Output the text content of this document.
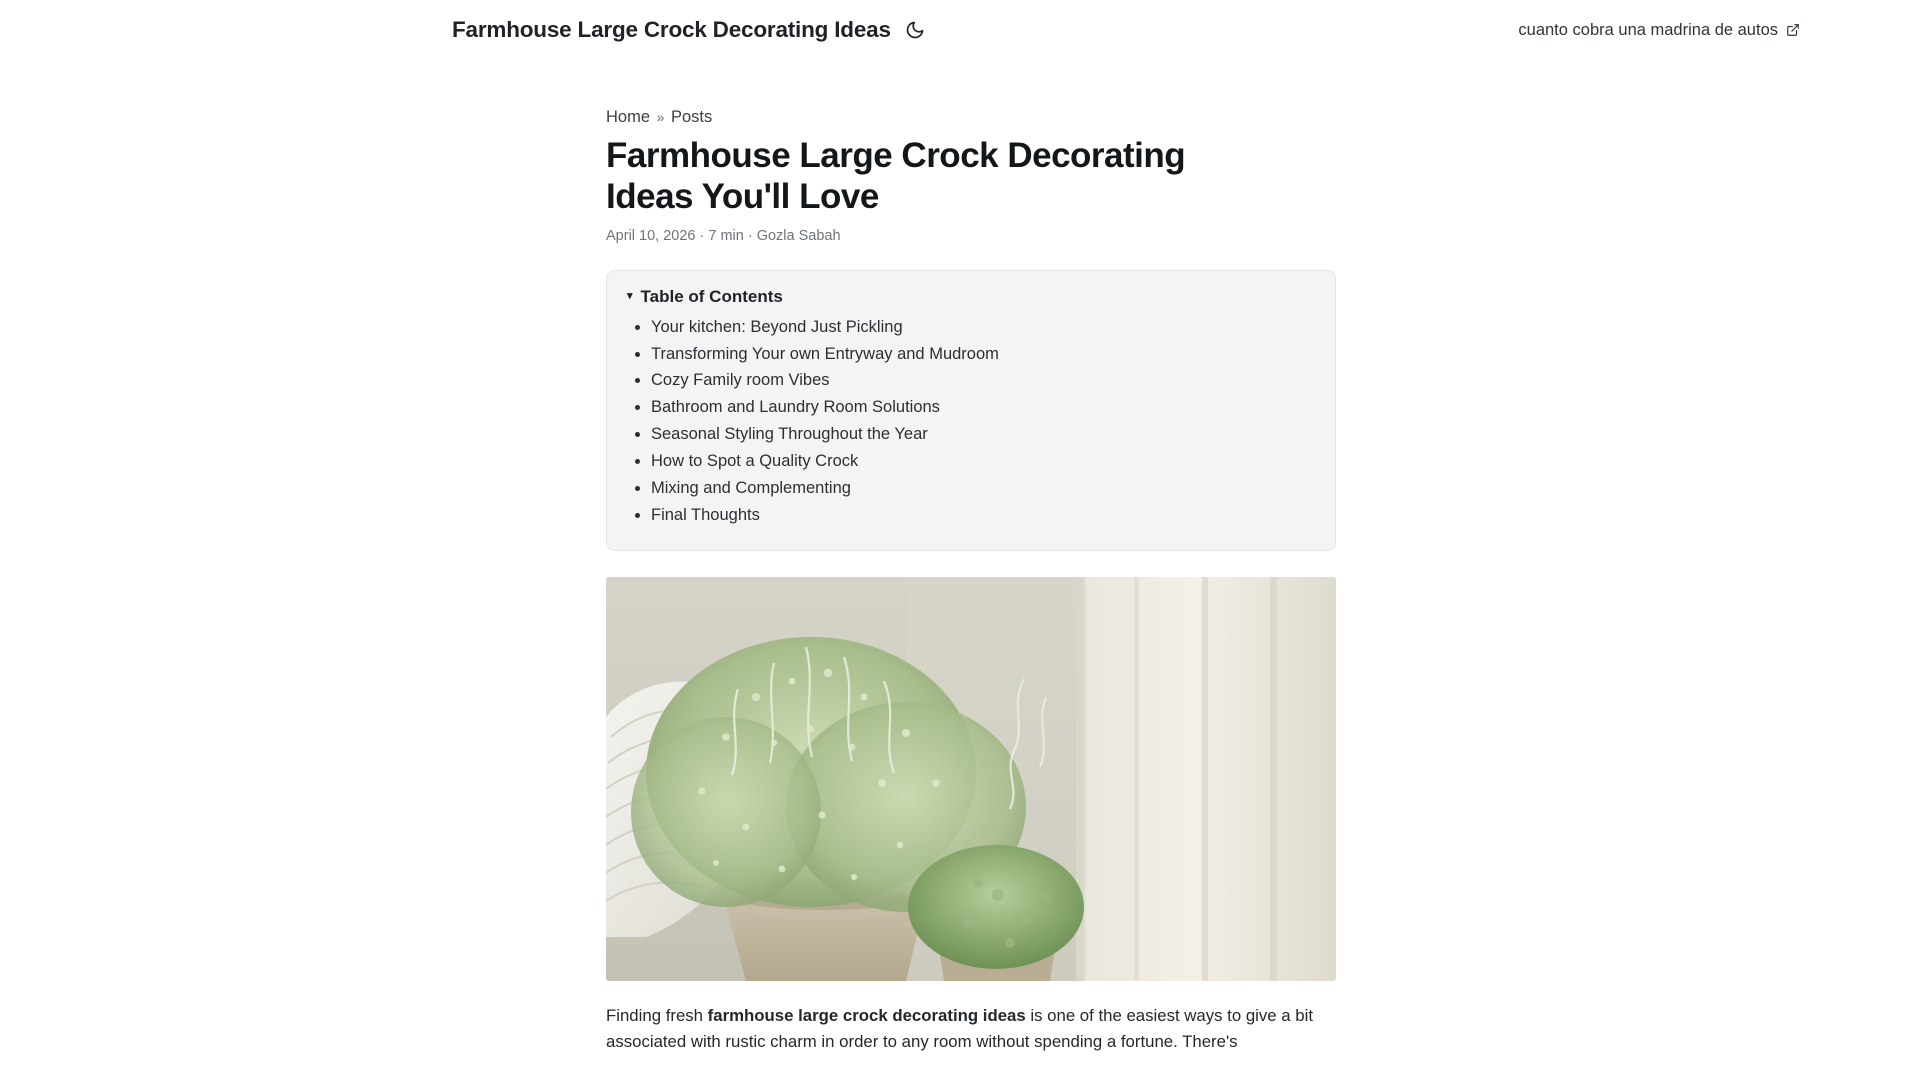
Farmhouse Large Crock Decorating Ideas	cuanto cobra una madrina de autos
Home » Posts
Farmhouse Large Crock Decorating Ideas You'll Love
April 10, 2026 · 7 min · Gozla Sabah
▾ Table of Contents
• Your kitchen: Beyond Just Pickling
• Transforming Your own Entryway and Mudroom
• Cozy Family room Vibes
• Bathroom and Laundry Room Solutions
• Seasonal Styling Throughout the Year
• How to Spot a Quality Crock
• Mixing and Complementing
• Final Thoughts

Finding fresh farmhouse large crock decorating ideas is one of the easiest ways to give a bit associated with rustic charm in order to any room without spending a fortune. There's
